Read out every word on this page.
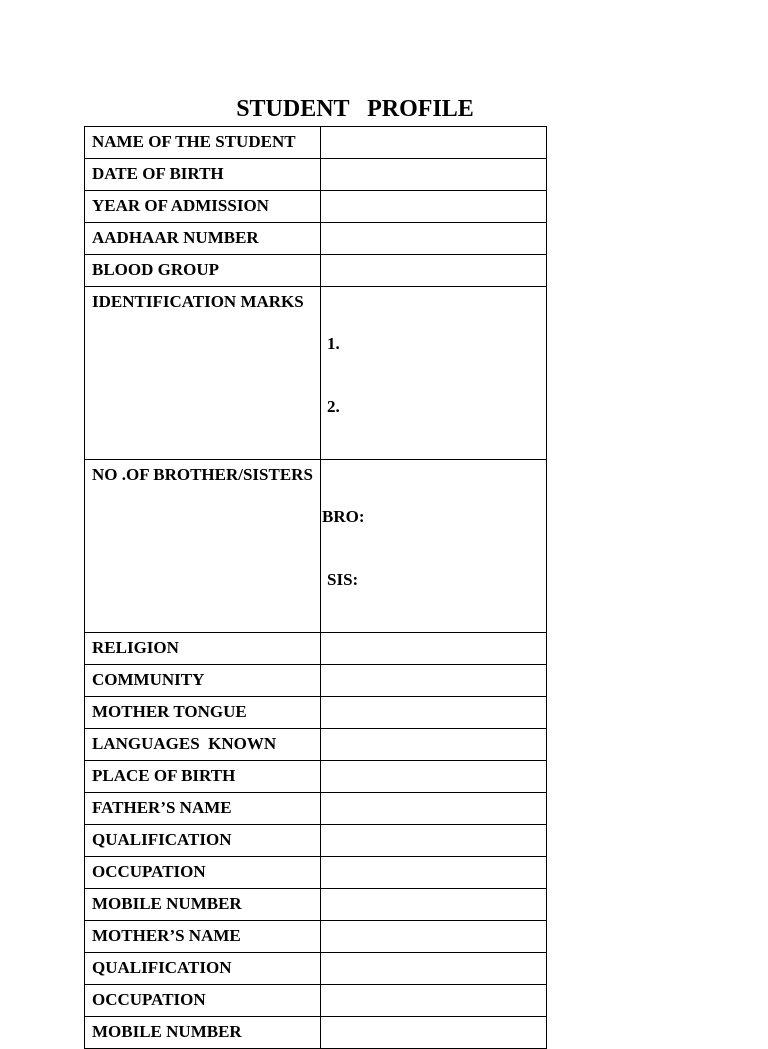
STUDENT   PROFILE
NAME OF THE STUDENT	
DATE OF BIRTH	
YEAR OF ADMISSION	
AADHAAR NUMBER	
BLOOD GROUP	
IDENTIFICATION MARKS	1.

2.

NO .OF BROTHER/SISTERS	BRO:

SIS:

RELIGION	
COMMUNITY	
MOTHER TONGUE	
LANGUAGES  KNOWN	
PLACE OF BIRTH	
FATHER’S NAME	
QUALIFICATION	
OCCUPATION	
MOBILE NUMBER	
MOTHER’S NAME	
QUALIFICATION	
OCCUPATION	
MOBILE NUMBER	
